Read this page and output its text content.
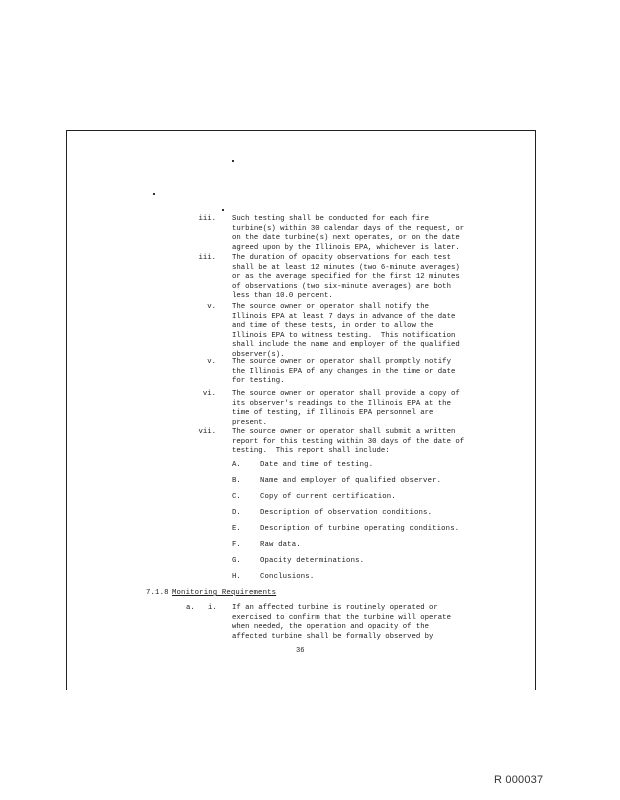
iii. Such testing shall be conducted for each fire
turbine(s) within 30 calendar days of the request, or
on the date turbine(s) next operates, or on the date
agreed upon by the Illinois EPA, whichever is later.
iii. The duration of opacity observations for each test
shall be at least 12 minutes (two 6-minute averages)
or as the average specified for the first 12 minutes
of observations (two six-minute averages) are both
less than 10.0 percent.
v. The source owner or operator shall notify the
Illinois EPA at least 7 days in advance of the date
and time of these tests, in order to allow the
Illinois EPA to witness testing.  This notification
shall include the name and employer of the qualified
observer(s).
v. The source owner or operator shall promptly notify
the Illinois EPA of any changes in the time or date
for testing.
vi. The source owner or operator shall provide a copy of
its observer's readings to the Illinois EPA at the
time of testing, if Illinois EPA personnel are
present.
vii. The source owner or operator shall submit a written
report for this testing within 30 days of the date of
testing.  This report shall include:
A.	Date and time of testing.
B.	Name and employer of qualified observer.
C.	Copy of current certification.
D.	Description of observation conditions.
E.	Description of turbine operating conditions.
F.	Raw data.
G.	Opacity determinations.
H.	Conclusions.
7.1.8 Monitoring Requirements
a. i. If an affected turbine is routinely operated or
exercised to confirm that the turbine will operate
when needed, the operation and opacity of the
affected turbine shall be formally observed by
36
R 000037
